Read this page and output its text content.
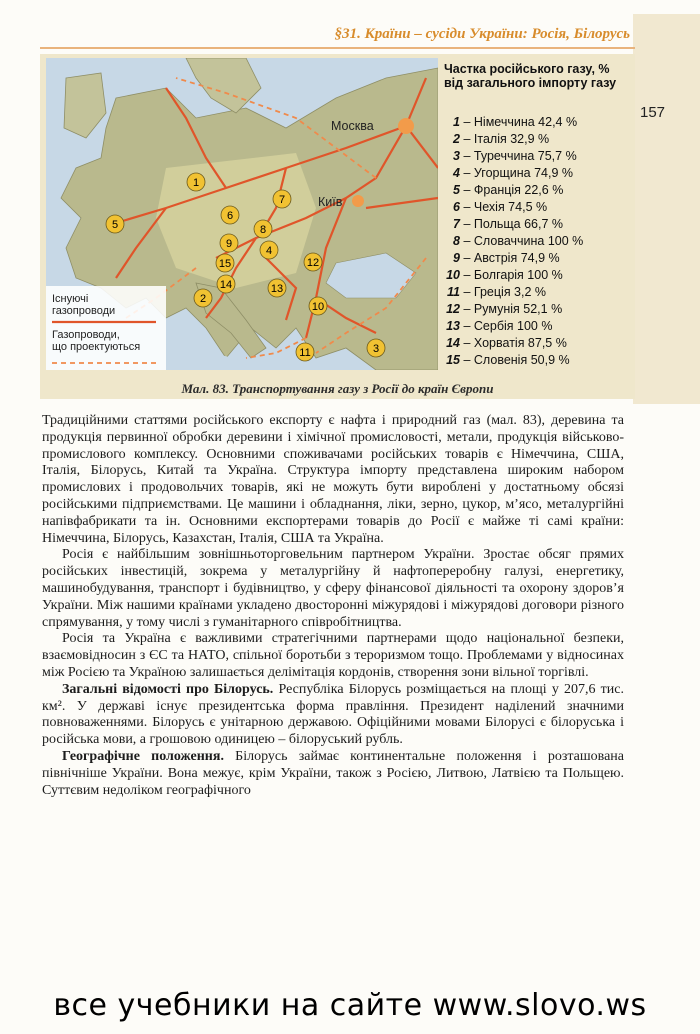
§31. Країни – сусіди України: Росія, Білорусь
157
Москва
Київ
1
2
3
4
5
6
7
8
9
10
11
12
13
14
15
Існуючі газопроводи
Газопроводи, що проектуються
Частка російського газу, % від загального імпорту газу
1 – Німеччина 42,4 %
2 – Італія 32,9 %
3 – Туреччина 75,7 %
4 – Угорщина 74,9 %
5 – Франція 22,6 %
6 – Чехія 74,5 %
7 – Польща 66,7 %
8 – Словаччина 100 %
9 – Австрія 74,9 %
10 – Болгарія 100 %
11 – Греція 3,2 %
12 – Румунія 52,1 %
13 – Сербія 100 %
14 – Хорватія 87,5 %
15 – Словенія 50,9 %
Мал. 83. Транспортування газу з Росії до країн Європи

Традиційними статтями російського експорту є нафта і природний газ (мал. 83), деревина та продукція первинної обробки деревини і хімічної промисловості, метали, продукція військово-промислового комплексу. Основними споживачами російських товарів є Німеччина, США, Італія, Білорусь, Китай та Україна. Структура імпорту представлена широким набором промислових і продовольчих товарів, які не можуть бути вироблені у достатньому обсязі російськими підприємствами. Це машини і обладнання, ліки, зерно, цукор, м’ясо, металургійні напівфабрикати та ін. Основними експортерами товарів до Росії є майже ті самі країни: Німеччина, Білорусь, Казахстан, Італія, США та Україна.

Росія є найбільшим зовнішньоторговельним партнером України. Зростає обсяг прямих російських інвестицій, зокрема у металургійну й нафтопереробну галузі, енергетику, машинобудування, транспорт і будівництво, у сферу фінансової діяльності та охорону здоров’я України. Між нашими країнами укладено двосторонні міжурядові і міжурядові договори різного спрямування, у тому числі з гуманітарного співробітництва.

Росія та Україна є важливими стратегічними партнерами щодо національної безпеки, взаємовідносин з ЄС та НАТО, спільної боротьби з тероризмом тощо. Проблемами у відносинах між Росією та Україною залишається делімітація кордонів, створення зони вільної торгівлі.

Загальні відомості про Білорусь. Республіка Білорусь розміщається на площі у 207,6 тис. км². У державі існує президентська форма правління. Президент наділений значними повноваженнями. Білорусь є унітарною державою. Офіційними мовами Білорусі є білоруська і російська мови, а грошовою одиницею – білоруський рубль.

Географічне положення. Білорусь займає континентальне положення і розташована північніше України. Вона межує, крім України, також з Росією, Литвою, Латвією та Польщею. Суттєвим недоліком географічного

все учебники на сайте www.slovo.ws
